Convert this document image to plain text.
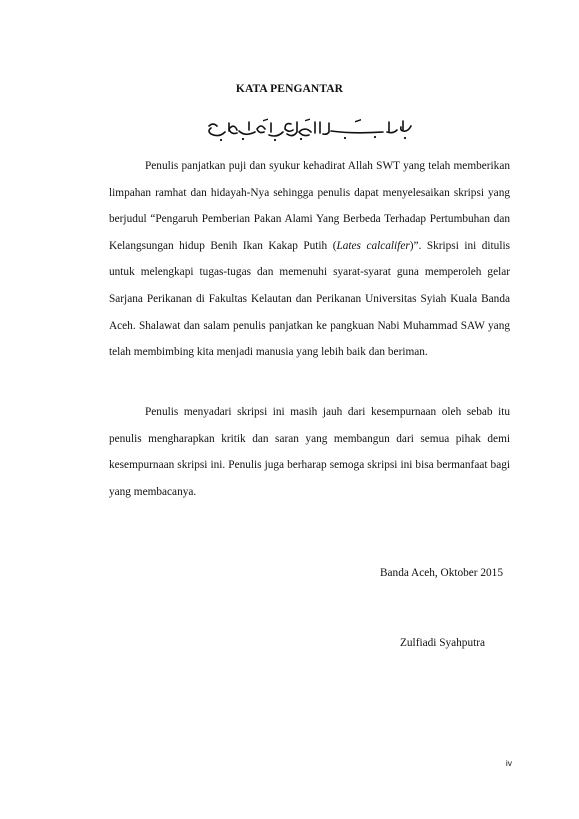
KATA PENGANTAR

Penulis panjatkan puji dan syukur kehadirat Allah SWT yang telah memberikan limpahan ramhat dan hidayah-Nya sehingga penulis dapat menyelesaikan skripsi yang berjudul “Pengaruh Pemberian Pakan Alami Yang Berbeda Terhadap Pertumbuhan dan Kelangsungan hidup Benih Ikan Kakap Putih (Lates calcalifer)”. Skripsi ini ditulis untuk melengkapi tugas-tugas dan memenuhi syarat-syarat guna memperoleh gelar Sarjana Perikanan di Fakultas Kelautan dan Perikanan Universitas Syiah Kuala Banda Aceh. Shalawat dan salam penulis panjatkan ke pangkuan Nabi Muhammad SAW yang telah membimbing kita menjadi manusia yang lebih baik dan beriman.

Penulis menyadari skripsi ini masih jauh dari kesempurnaan oleh sebab itu penulis mengharapkan kritik dan saran yang membangun dari semua pihak demi kesempurnaan skripsi ini. Penulis juga berharap semoga skripsi ini bisa bermanfaat bagi yang membacanya.

Banda Aceh, Oktober 2015
Zulfiadi Syahputra
iv
